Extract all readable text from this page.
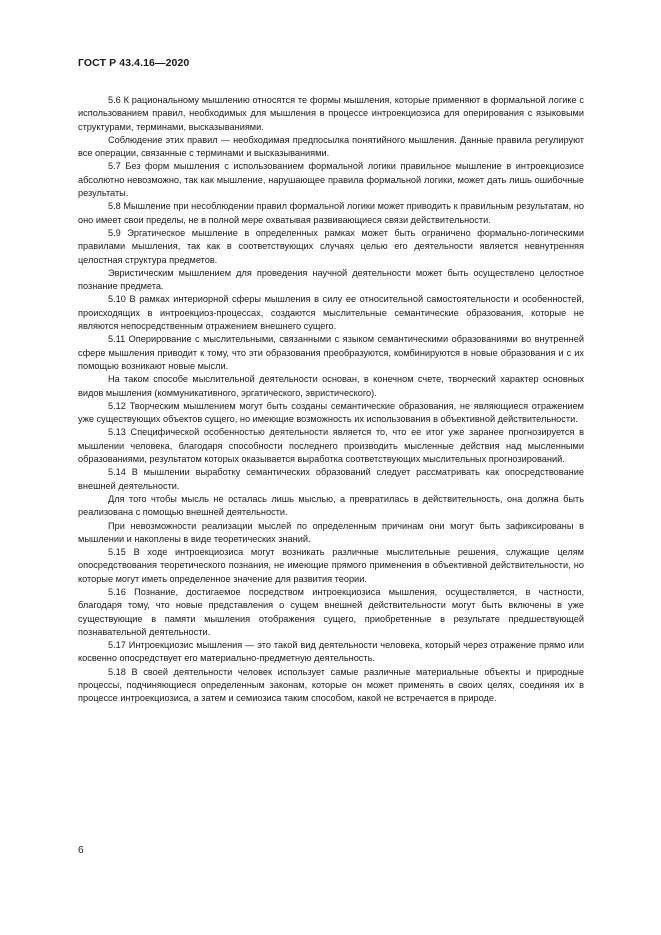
ГОСТ Р 43.4.16—2020

5.6 К рациональному мышлению относятся те формы мышления, которые применяют в формальной логике с использованием правил, необходимых для мышления в процессе интроекциозиса для оперирования с языковыми структурами, терминами, высказываниями.

Соблюдение этих правил — необходимая предпосылка понятийного мышления. Данные правила регулируют все операции, связанные с терминами и высказываниями.

5.7 Без форм мышления с использованием формальной логики правильное мышление в интроекциозисе абсолютно невозможно, так как мышление, нарушающее правила формальной логики, может дать лишь ошибочные результаты.

5.8 Мышление при несоблюдении правил формальной логики может приводить к правильным результатам, но оно имеет свои пределы, не в полной мере охватывая развивающиеся связи действительности.

5.9 Эргатическое мышление в определенных рамках может быть ограничено формально-логическими правилами мышления, так как в соответствующих случаях целью его деятельности является невнутренняя целостная структура предметов.

Эвристическим мышлением для проведения научной деятельности может быть осуществлено целостное познание предмета.

5.10 В рамках интериорной сферы мышления в силу ее относительной самостоятельности и особенностей, происходящих в интроекциоз-процессах, создаются мыслительные семантические образования, которые не являются непосредственным отражением внешнего сущего.

5.11 Оперирование с мыслительными, связанными с языком семантическими образованиями во внутренней сфере мышления приводит к тому, что эти образования преобразуются, комбинируются в новые образования и с их помощью возникают новые мысли.

На таком способе мыслительной деятельности основан, в конечном счете, творческий характер основных видов мышления (коммуникативного, эргатического, эвристического).

5.12 Творческим мышлением могут быть созданы семантические образования, не являющиеся отражением уже существующих объектов сущего, но имеющие возможность их использования в объективной действительности.

5.13 Специфической особенностью деятельности является то, что ее итог уже заранее прогнозируется в мышлении человека, благодаря способности последнего производить мысленные действия над мысленными образованиями, результатом которых оказывается выработка соответствующих мыслительных прогнозирований.

5.14 В мышлении выработку семантических образований следует рассматривать как опосредствование внешней деятельности.

Для того чтобы мысль не осталась лишь мыслью, а превратилась в действительность, она должна быть реализована с помощью внешней деятельности.

При невозможности реализации мыслей по определенным причинам они могут быть зафиксированы в мышлении и накоплены в виде теоретических знаний.

5.15 В ходе интроекциозиса могут возникать различные мыслительные решения, служащие целям опосредствования теоретического познания, не имеющие прямого применения в объективной действительности, но которые могут иметь определенное значение для развития теории.

5.16 Познание, достигаемое посредством интроекциозиса мышления, осуществляется, в частности, благодаря тому, что новые представления о сущем внешней действительности могут быть включены в уже существующие в памяти мышления отображения сущего, приобретенные в результате предшествующей познавательной деятельности.

5.17 Интроекциозис мышления — это такой вид деятельности человека, который через отражение прямо или косвенно опосредствует его материально-предметную деятельность.

5.18 В своей деятельности человек использует самые различные материальные объекты и природные процессы, подчиняющиеся определенным законам, которые он может применять в своих целях, соединяя их в процессе интроекциозиса, а затем и семиозиса таким способом, какой не встречается в природе.

6
